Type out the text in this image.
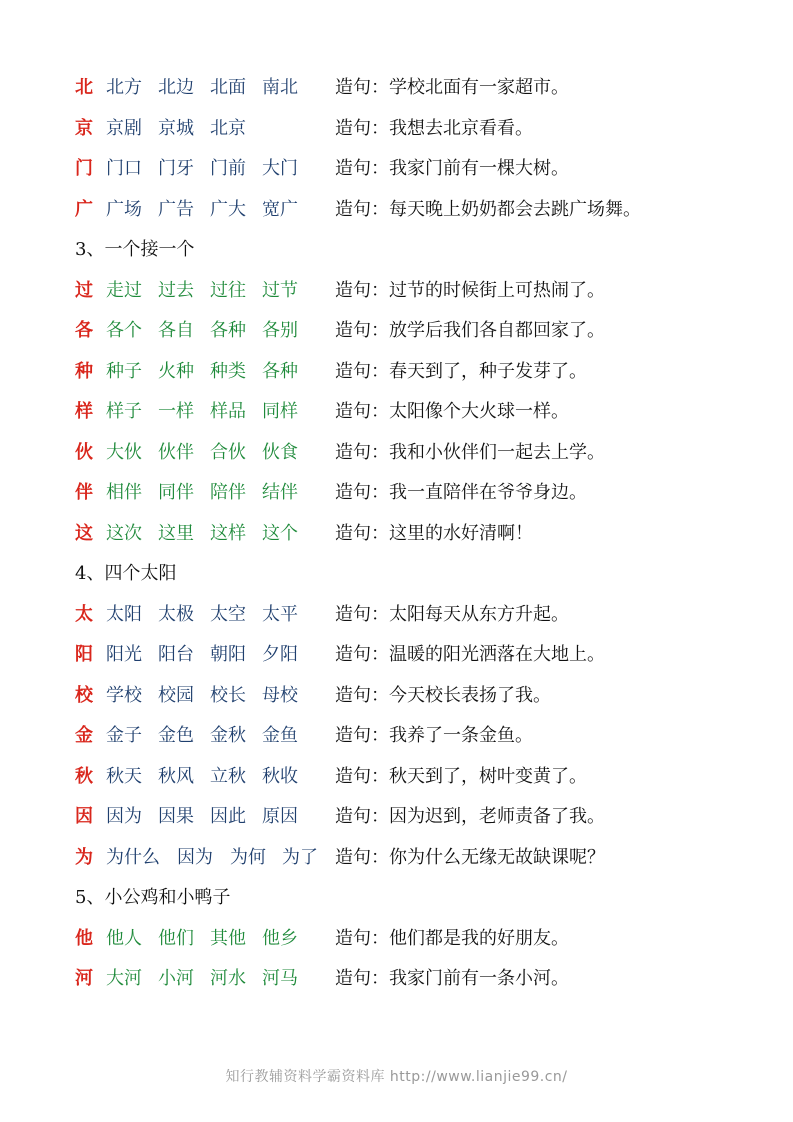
北 北方 北边 北面 南北 造句：学校北面有一家超市。
京 京剧 京城 北京	造句：我想去北京看看。
门 门口 门牙 门前 大门 造句：我家门前有一棵大树。
广 广场 广告 广大 宽广 造句：每天晚上奶奶都会去跳广场舞。
3、一个接一个
过 走过 过去 过往 过节 造句：过节的时候街上可热闹了。
各 各个 各自 各种 各别 造句：放学后我们各自都回家了。
种 种子 火种 种类 各种 造句：春天到了，种子发芽了。
样 样子 一样 样品 同样 造句：太阳像个大火球一样。
伙 大伙 伙伴 合伙 伙食 造句：我和小伙伴们一起去上学。
伴 相伴 同伴 陪伴 结伴 造句：我一直陪伴在爷爷身边。
这 这次 这里 这样 这个 造句：这里的水好清啊！
4、四个太阳
太 太阳 太极 太空 太平 造句：太阳每天从东方升起。
阳 阳光 阳台 朝阳 夕阳 造句：温暖的阳光洒落在大地上。
校 学校 校园 校长 母校 造句：今天校长表扬了我。
金 金子 金色 金秋 金鱼 造句：我养了一条金鱼。
秋 秋天 秋风 立秋 秋收 造句：秋天到了，树叶变黄了。
因 因为 因果 因此 原因 造句：因为迟到，老师责备了我。
为 为什么 因为 为何 为了 造句：你为什么无缘无故缺课呢？
5、小公鸡和小鸭子
他 他人 他们 其他 他乡 造句：他们都是我的好朋友。
河 大河 小河 河水 河马 造句：我家门前有一条小河。
知行教辅资料学霸资料库 http://www.lianjie99.cn/
